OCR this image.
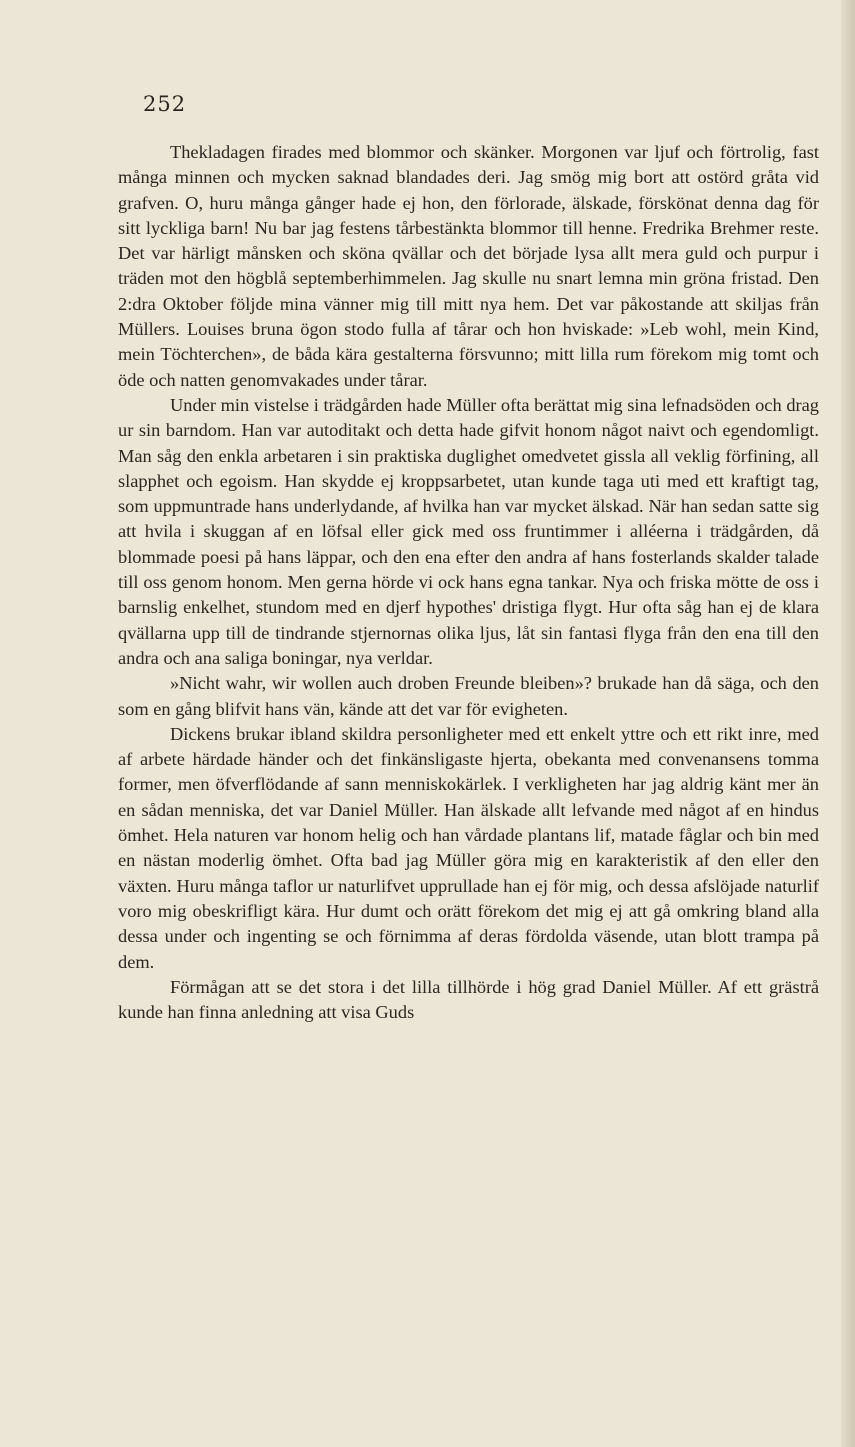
252

Thekladagen firades med blommor och skänker. Morgonen var ljuf och förtrolig, fast många minnen och mycken saknad blandades deri. Jag smög mig bort att ostörd gråta vid grafven. O, huru många gånger hade ej hon, den förlorade, älskade, förskönat denna dag för sitt lyckliga barn! Nu bar jag festens tårbestänkta blommor till henne. Fredrika Brehmer reste. Det var härligt månsken och sköna qvällar och det började lysa allt mera guld och purpur i träden mot den högblå septemberhimmelen. Jag skulle nu snart lemna min gröna fristad. Den 2:dra Oktober följde mina vänner mig till mitt nya hem. Det var påkostande att skiljas från Müllers. Louises bruna ögon stodo fulla af tårar och hon hviskade: »Leb wohl, mein Kind, mein Töchterchen», de båda kära gestalterna försvunno; mitt lilla rum förekom mig tomt och öde och natten genomvakades under tårar.

Under min vistelse i trädgården hade Müller ofta berättat mig sina lefnadsöden och drag ur sin barndom. Han var autoditakt och detta hade gifvit honom något naivt och egendomligt. Man såg den enkla arbetaren i sin praktiska duglighet omedvetet gissla all veklig förfining, all slapphet och egoism. Han skydde ej kroppsarbetet, utan kunde taga uti med ett kraftigt tag, som uppmuntrade hans underlydande, af hvilka han var mycket älskad. När han sedan satte sig att hvila i skuggan af en löfsal eller gick med oss fruntimmer i alléerna i trädgården, då blommade poesi på hans läppar, och den ena efter den andra af hans fosterlands skalder talade till oss genom honom. Men gerna hörde vi ock hans egna tankar. Nya och friska mötte de oss i barnslig enkelhet, stundom med en djerf hypothes' dristiga flygt. Hur ofta såg han ej de klara qvällarna upp till de tindrande stjernornas olika ljus, låt sin fantasi flyga från den ena till den andra och ana saliga boningar, nya verldar.

»Nicht wahr, wir wollen auch droben Freunde bleiben»? brukade han då säga, och den som en gång blifvit hans vän, kände att det var för evigheten.

Dickens brukar ibland skildra personligheter med ett enkelt yttre och ett rikt inre, med af arbete härdade händer och det finkänsligaste hjerta, obekanta med convenansens tomma former, men öfverflödande af sann menniskokärlek. I verkligheten har jag aldrig känt mer än en sådan menniska, det var Daniel Müller. Han älskade allt lefvande med något af en hindus ömhet. Hela naturen var honom helig och han vårdade plantans lif, matade fåglar och bin med en nästan moderlig ömhet. Ofta bad jag Müller göra mig en karakteristik af den eller den växten. Huru många taflor ur naturlifvet upprullade han ej för mig, och dessa afslöjade naturlif voro mig obeskrifligt kära. Hur dumt och orätt förekom det mig ej att gå omkring bland alla dessa under och ingenting se och förnimma af deras fördolda väsende, utan blott trampa på dem.

Förmågan att se det stora i det lilla tillhörde i hög grad Daniel Müller. Af ett grästrå kunde han finna anledning att visa Guds
